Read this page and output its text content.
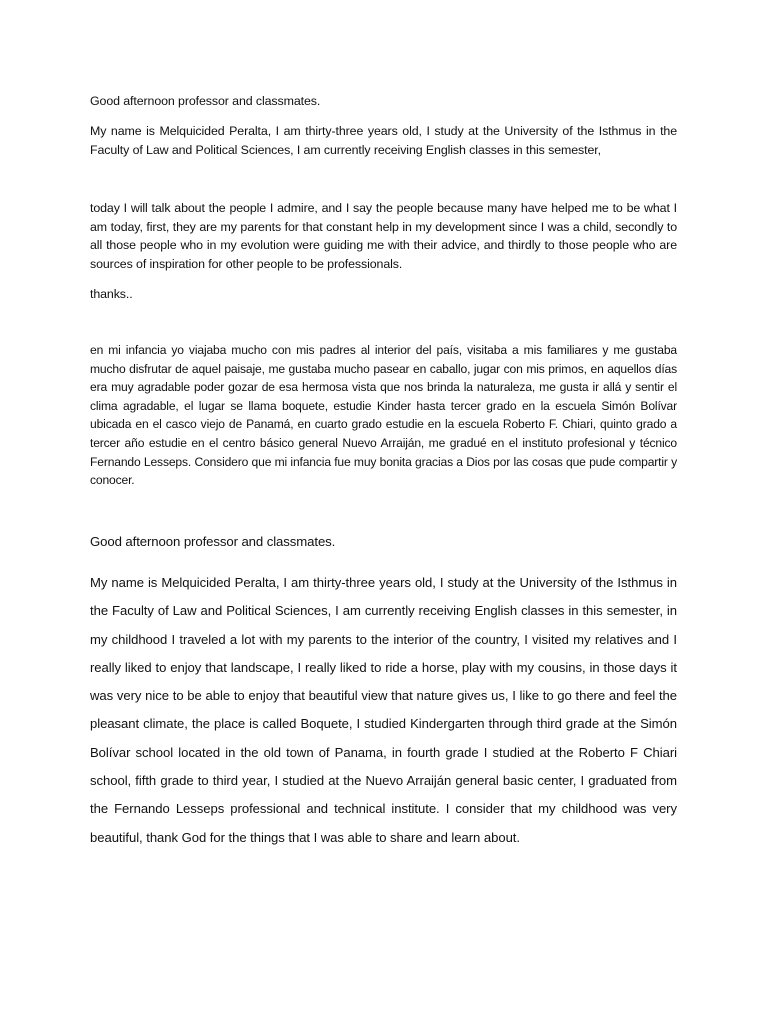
Good afternoon professor and classmates.

My name is Melquicided Peralta, I am thirty-three years old, I study at the University of the Isthmus in the Faculty of Law and Political Sciences, I am currently receiving English classes in this semester,

today I will talk about the people I admire, and I say the people because many have helped me to be what I am today, first, they are my parents for that constant help in my development since I was a child, secondly to all those people who in my evolution were guiding me with their advice, and thirdly to those people who are sources of inspiration for other people to be professionals.

thanks..

en mi infancia yo viajaba mucho con mis padres al interior del país, visitaba a mis familiares y me gustaba mucho disfrutar de aquel paisaje, me gustaba mucho pasear en caballo, jugar con mis primos, en aquellos días era muy agradable poder gozar de esa hermosa vista que nos brinda la naturaleza, me gusta ir allá y sentir el clima agradable, el lugar se llama boquete, estudie Kinder hasta tercer grado en la escuela Simón Bolívar ubicada en el casco viejo de Panamá, en cuarto grado estudie en la escuela Roberto F. Chiari, quinto grado a tercer año estudie en el centro básico general Nuevo Arraiján, me gradué en el instituto profesional y técnico Fernando Lesseps. Considero que mi infancia fue muy bonita gracias a Dios por las cosas que pude compartir y conocer.

Good afternoon professor and classmates.

My name is Melquicided Peralta, I am thirty-three years old, I study at the University of the Isthmus in the Faculty of Law and Political Sciences, I am currently receiving English classes in this semester, in my childhood I traveled a lot with my parents to the interior of the country, I visited my relatives and I really liked to enjoy that landscape, I really liked to ride a horse, play with my cousins, in those days it was very nice to be able to enjoy that beautiful view that nature gives us, I like to go there and feel the pleasant climate, the place is called Boquete, I studied Kindergarten through third grade at the Simón Bolívar school located in the old town of Panama, in fourth grade I studied at the Roberto F Chiari school, fifth grade to third year, I studied at the Nuevo Arraiján general basic center, I graduated from the Fernando Lesseps professional and technical institute. I consider that my childhood was very beautiful, thank God for the things that I was able to share and learn about.
